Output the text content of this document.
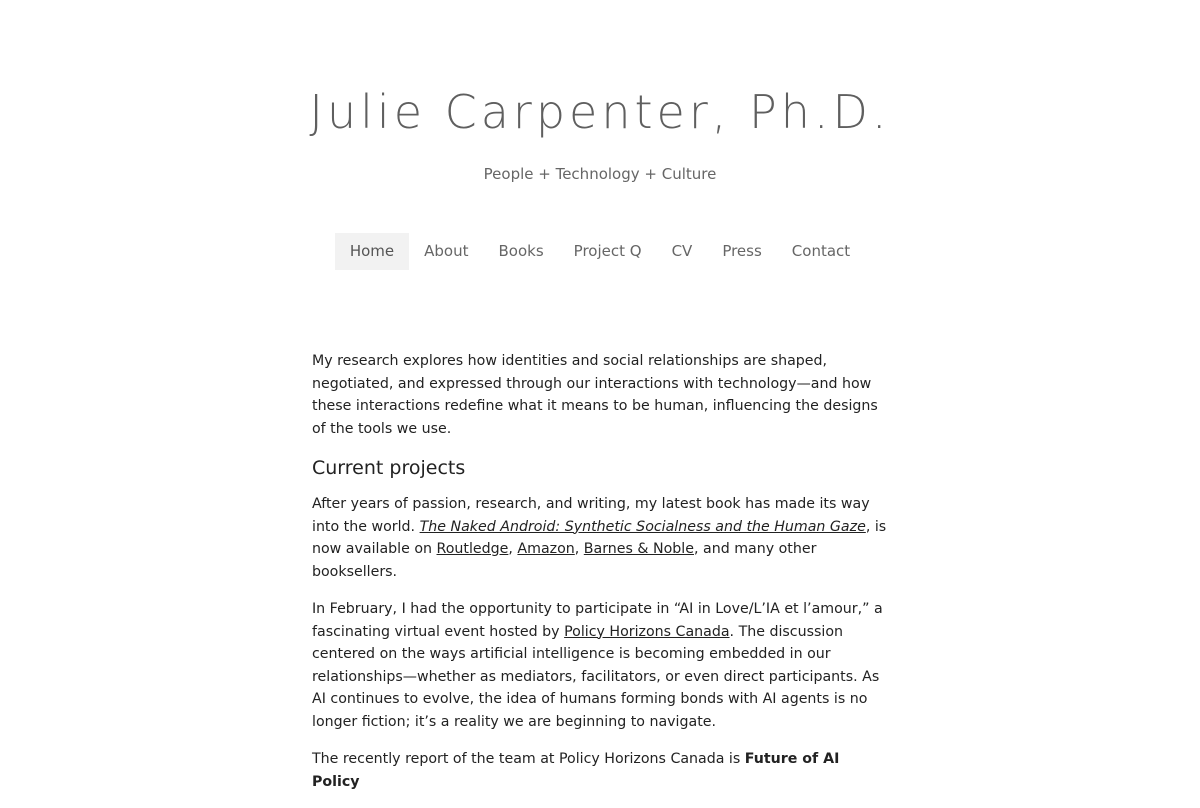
Julie Carpenter, Ph.D.

People + Technology + Culture

Home	About	Books	Project Q	CV	Press	Contact

My research explores how identities and social relationships are shaped, negotiated, and expressed through our interactions with technology—and how these interactions redefine what it means to be human, influencing the designs of the tools we use.

Current projects

After years of passion, research, and writing, my latest book has made its way into the world. The Naked Android: Synthetic Socialness and the Human Gaze, is now available on Routledge, Amazon, Barnes & Noble, and many other booksellers.

In February, I had the opportunity to participate in “AI in Love/L’IA et l’amour,” a fascinating virtual event hosted by Policy Horizons Canada. The discussion centered on the ways artificial intelligence is becoming embedded in our relationships—whether as mediators, facilitators, or even direct participants. As AI continues to evolve, the idea of humans forming bonds with AI agents is no longer fiction; it’s a reality we are beginning to navigate.

The recently report of the team at Policy Horizons Canada is Future of AI Policy
